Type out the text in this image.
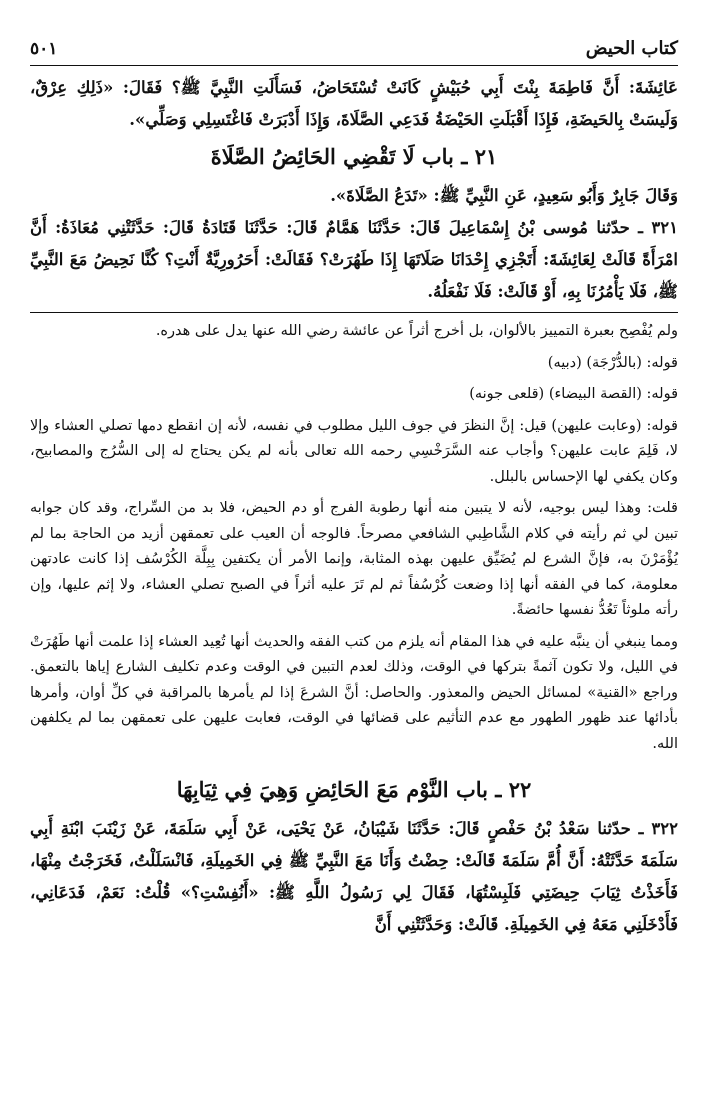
كتاب الحيض
٥٠١

عَائِشَةَ: أَنَّ فَاطِمَةَ بِنْتَ أَبِي حُبَيْشٍ كَانَتْ تُسْتَحَاضُ، فَسَأَلَتِ النَّبِيَّ ﷺ؟ فَقَالَ: «ذَلِكِ عِرْقٌ، وَلَيسَتْ بِالحَيضَةِ، فَإِذَا أَقْبَلَتِ الحَيْضَةُ فَدَعِي الصَّلَاةَ، وَإِذَا أَدْبَرَتْ فَاغْتَسِلِي وَصَلِّي».

٢١ ـ باب لَا تَقْضِي الحَائِضُ الصَّلَاةَ

وَقَالَ جَابِرٌ وَأَبُو سَعِيدٍ، عَنِ النَّبِيِّ ﷺ: «تَدَعُ الصَّلَاةَ».

٣٢١ ـ حدّثنا مُوسى بْنُ إِسْمَاعِيلَ قَالَ: حَدَّثَنَا هَمَّامٌ قَالَ: حَدَّثَنَا قَتَادَةُ قَالَ: حَدَّثَتْنِي مُعَاذَةُ: أَنَّ امْرَأَةً قَالَتْ لِعَائِشَةَ: أَتَجْزِي إِحْدَانَا صَلَاتَهَا إِذَا طَهُرَتْ؟ فَقَالَتْ: أَحَرُورِيَّةٌ أَنْتِ؟ كُنَّا نَحِيضُ مَعَ النَّبِيِّ ﷺ، فَلَا يَأْمُرُنَا بِهِ، أَوْ قَالَتْ: فَلَا نَفْعَلُهُ.

ولم يُفْصِح بعبرة التمييز بالألوان، بل أخرج أثراً عن عائشة رضي الله عنها يدل على هدره.

قوله: (بالدُّرْجَة) (دبيه)

قوله: (القصة البيضاء) (قلعى جونه)

قوله: (وعابت عليهن) قيل: إنَّ النظرَ في جوف الليل مطلوب في نفسه، لأنه إن انقطع دمها تصلي العشاء وإلا لا، فَلِمَ عابت عليهن؟ وأجاب عنه السَّرَخْسِي رحمه الله تعالى بأنه لم يكن يحتاج له إلى السُّرُج والمصابيح، وكان يكفي لها الإحساس بالبلل.

قلت: وهذا ليس بوجيه، لأنه لا يتبين منه أنها رطوبة الفرج أو دم الحيض، فلا بد من السِّراج، وقد كان جوابه تبين لي ثم رأيته في كلام الشَّاطِبي الشافعي مصرحاً. فالوجه أن العيب على تعمقهن أزيد من الحاجة بما لم يُؤْمَرْنَ به، فإنَّ الشرع لم يُضَيِّق عليهن بهذه المثابة، وإنما الأمر أن يكتفين بِبِلَّة الكُرْسُف إذا كانت عادتهن معلومة، كما في الفقه أنها إذا وضعت كُرْسُفاً ثم لم تَرَ عليه أثراً في الصبح تصلي العشاء، ولا إثم عليها، وإن رأته ملوثاً تَعُدُّ نفسها حائضةً.

ومما ينبغي أن ينبَّه عليه في هذا المقام أنه يلزم من كتب الفقه والحديث أنها تُعِيد العشاء إذا علمت أنها طَهُرَتْ في الليل، ولا تكون آثمةً بتركها في الوقت، وذلك لعدم التبين في الوقت وعدم تكليف الشارع إياها بالتعمق. وراجع «القنية» لمسائل الحيض والمعذور. والحاصل: أنَّ الشرعَ إذا لم يأمرها بالمراقبة في كلِّ أوان، وأمرها بأدائها عند ظهور الطهور مع عدم التأثيم على قضائها في الوقت، فعابت عليهن على تعمقهن بما لم يكلفهن الله.

٢٢ ـ باب النَّوْم مَعَ الحَائِضِ وَهِيَ فِي ثِيَابِهَا

٣٢٢ ـ حدّثنا سَعْدُ بْنُ حَفْصٍ قَالَ: حَدَّثَنَا شَيْبَانُ، عَنْ يَحْيَى، عَنْ أَبِي سَلَمَةَ، عَنْ زَيْنَبَ ابْنَةِ أَبِي سَلَمَةَ حَدَّثَتْهُ: أَنَّ أُمَّ سَلَمَةَ قَالَتْ: حِضْتُ وَأَنَا مَعَ النَّبِيِّ ﷺ فِي الخَمِيلَةِ، فَانْسَلَلْتُ، فَخَرَجْتُ مِنْهَا، فَأَخَذْتُ ثِيَابَ حِيضَتِي فَلَبِسْتُهَا، فَقَالَ لِي رَسُولُ اللَّهِ ﷺ: «أَنُفِسْتِ؟» قُلْتُ: نَعَمْ، فَدَعَانِي، فَأَدْخَلَنِي مَعَهُ فِي الخَمِيلَةِ. قَالَتْ: وَحَدَّثَتْنِي أَنَّ
